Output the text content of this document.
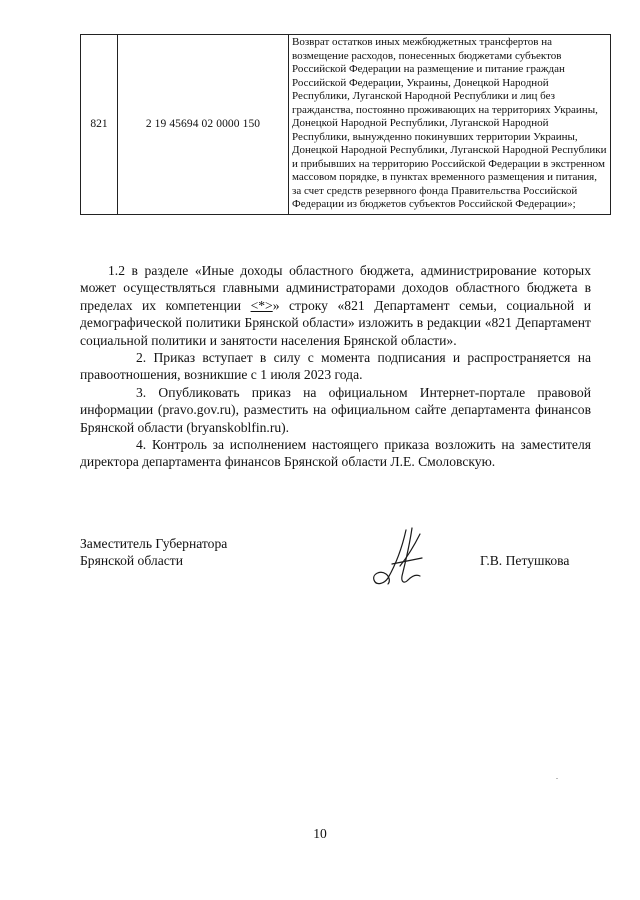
821	2 19 45694 02 0000 150	Возврат остатков иных межбюджетных трансфертов на возмещение расходов, понесенных бюджетами субъектов Российской Федерации на размещение и питание граждан Российской Федерации, Украины, Донецкой Народной Республики, Луганской Народной Республики и лиц без гражданства, постоянно проживающих на территориях Украины, Донецкой Народной Республики, Луганской Народной Республики, вынужденно покинувших территории Украины, Донецкой Народной Республики, Луганской Народной Республики и прибывших на территорию Российской Федерации в экстренном массовом порядке, в пунктах временного размещения и питания, за счет средств резервного фонда Правительства Российской Федерации из бюджетов субъектов Российской Федерации»;

1.2 в разделе «Иные доходы областного бюджета, администрирование которых может осуществляться главными администраторами доходов областного бюджета в пределах их компетенции <*>» строку «821 Департамент семьи, социальной и демографической политики Брянской области» изложить в редакции «821 Департамент социальной политики и занятости населения Брянской области».

2. Приказ вступает в силу с момента подписания и распространяется на правоотношения, возникшие с 1 июля 2023 года.

3. Опубликовать приказ на официальном Интернет-портале правовой информации (pravo.gov.ru), разместить на официальном сайте департамента финансов Брянской области (bryanskoblfin.ru).

4. Контроль за исполнением настоящего приказа возложить на заместителя директора департамента финансов Брянской области Л.Е. Смоловскую.

Заместитель Губернатора
Брянской области	Г.В. Петушкова
10
